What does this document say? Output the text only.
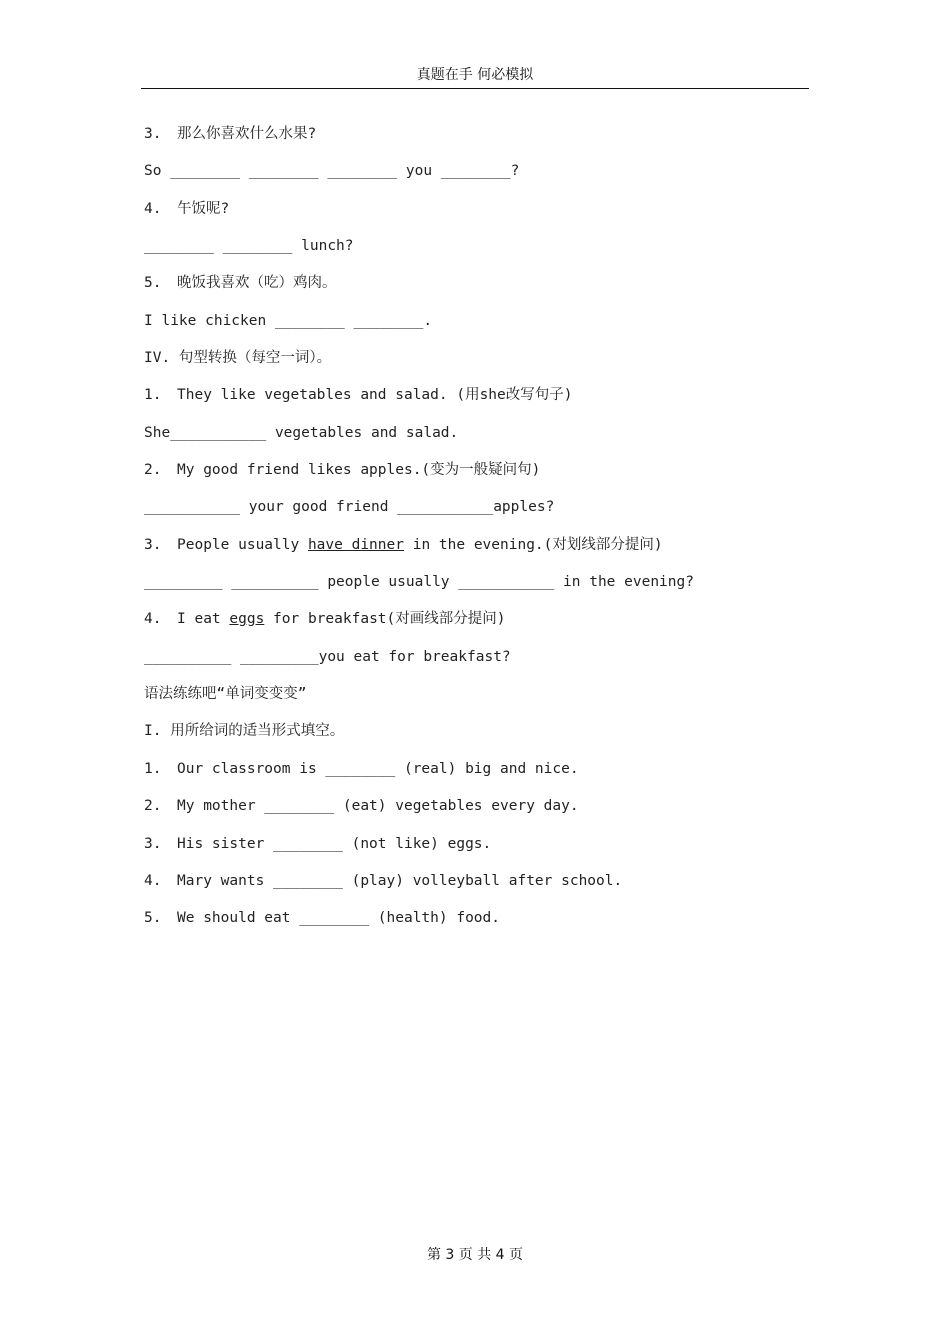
真题在手 何必模拟
3. 那么你喜欢什么水果?
So ________ ________ ________ you ________?
4. 午饭呢?
________ ________ lunch?
5. 晚饭我喜欢（吃）鸡肉。
I like chicken ________ ________.
IV. 句型转换（每空一词）。
1. They like vegetables and salad. (用she改写句子)
She___________ vegetables and salad.
2. My good friend likes apples.(变为一般疑问句)
___________ your good friend ___________apples?
3. People usually have dinner in the evening.(对划线部分提问)
_________ __________ people usually ___________ in the evening?
4. I eat eggs for breakfast(对画线部分提问)
__________ _________you eat for breakfast?
语法练练吧“单词变变变”
I. 用所给词的适当形式填空。
1. Our classroom is ________ (real) big and nice.
2. My mother ________ (eat) vegetables every day.
3. His sister ________ (not like) eggs.
4. Mary wants ________ (play) volleyball after school.
5. We should eat ________ (health) food.
第 3 页 共 4 页
